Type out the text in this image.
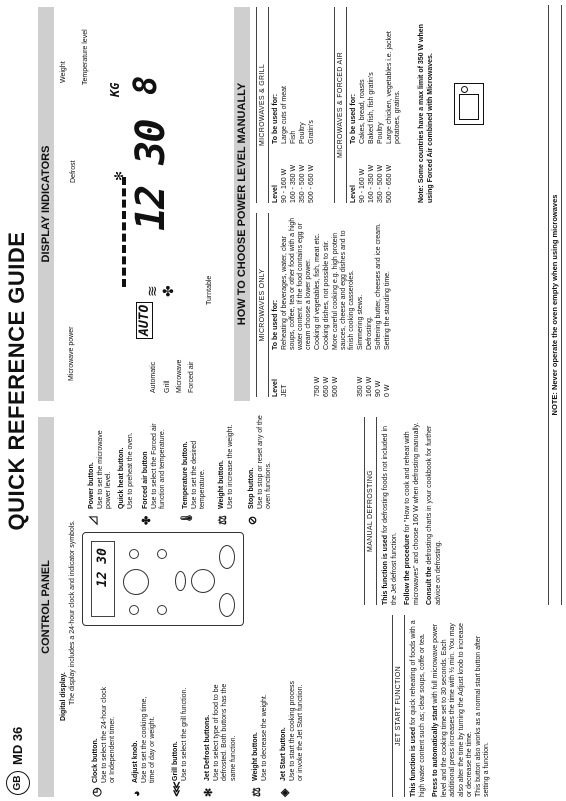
GB
MD 36
QUICK REFERENCE GUIDE
CONTROL PANEL
Digital display. The display includes a 24-hour clock and indicator symbols. 12 30
◷
Clock button. Use to select the 24-hour clock or Independent timer.
◕
Adjust knob. Use to set the cooking time, time of day or weight.
⋘
Grill button. Use to select the grill function.
✻
Jet Defrost buttons. Use to select type of food to be defrosted. Both buttons has the same function.
⚖
Weight button. Use to decrease the weight.
◈
Jet Start button. Use to start the cooking process or invoke the Jet Start function.
◿
Power button. Use to set the microwave power level. Quick heat button. Use to preheat the oven.
✤
Forced air button Use to select the Forced air function and temperature.
🌡
Temperature button. Use to set the desired temperature.
⚖
Weight button. Use to increase the weight.
⊘
Stop button. Use to stop or reset any of the oven functions.
JET START FUNCTION
This function is used for quick reheating of foods with a high water content such as; clear soups, coffe or tea. Press to automatically start with full microwave power level and the cooking time set to 30 seconds. Each additional press increases the time with ½ min. You may also alter the time by turning the Adjust knob to increase or decrease the time. This button also works as a normal start button after setting a function.
MANUAL DEFROSTING
This function is used for defrosting foods not included in the Jet defrost function. Follow the procedure for "How to cook and reheat with microwaves" and choose 160 W when defrosting manually. Consult the defrosting charts in your cookbook for further advice on defrosting.
DISPLAY INDICATORS
Microwave power
Defrost
Weight Temperature level
Automatic Grill Microwave Forced air
Turntable
AUTO
≋ ✤
✻ 12 30
KG 8	HOW TO CHOOSE POWER LEVEL MANUALLY	MICROWAVES ONLY
Level	To be used for:
JET	Reheating of beverages, water, clear soups, coffee, tea or other food with a high water content. If the food contains egg or cream choose a lower power.
750 W	Cooking of vegetables, fish, meat etc.
650 W	Cooking dishes, not possible to stir.
500 W	More careful cooking e.g. high protein sauces, cheese and egg dishes and to finish cooking casseroles.
350 W	Simmering stews.
160 W	Defrosting.
90 W	Softening butter, cheeses and ice cream.
0 W	Setting the standing time.
MICROWAVES & GRILL
Level	To be used for:
90 - 160 W	Large cuts of meat
160 - 350 W	Fish
350 - 500 W	Poultry
500 - 650 W	Gratin's	MICROWAVES & FORCED AIR
Level	To be used for:
90 - 160 W	Cakes, bread, roasts
160 - 350 W	Baked fish, fish gratin's
350 - 500 W	Poultry
500 - 650 W	Large chicken, vegetables i.e. jacket potatoes, gratins. Note: Some countries have a max limit of 350 W when using Forced Air combined with Microwaves.
NOTE: Never operate the oven empty when using microwaves
